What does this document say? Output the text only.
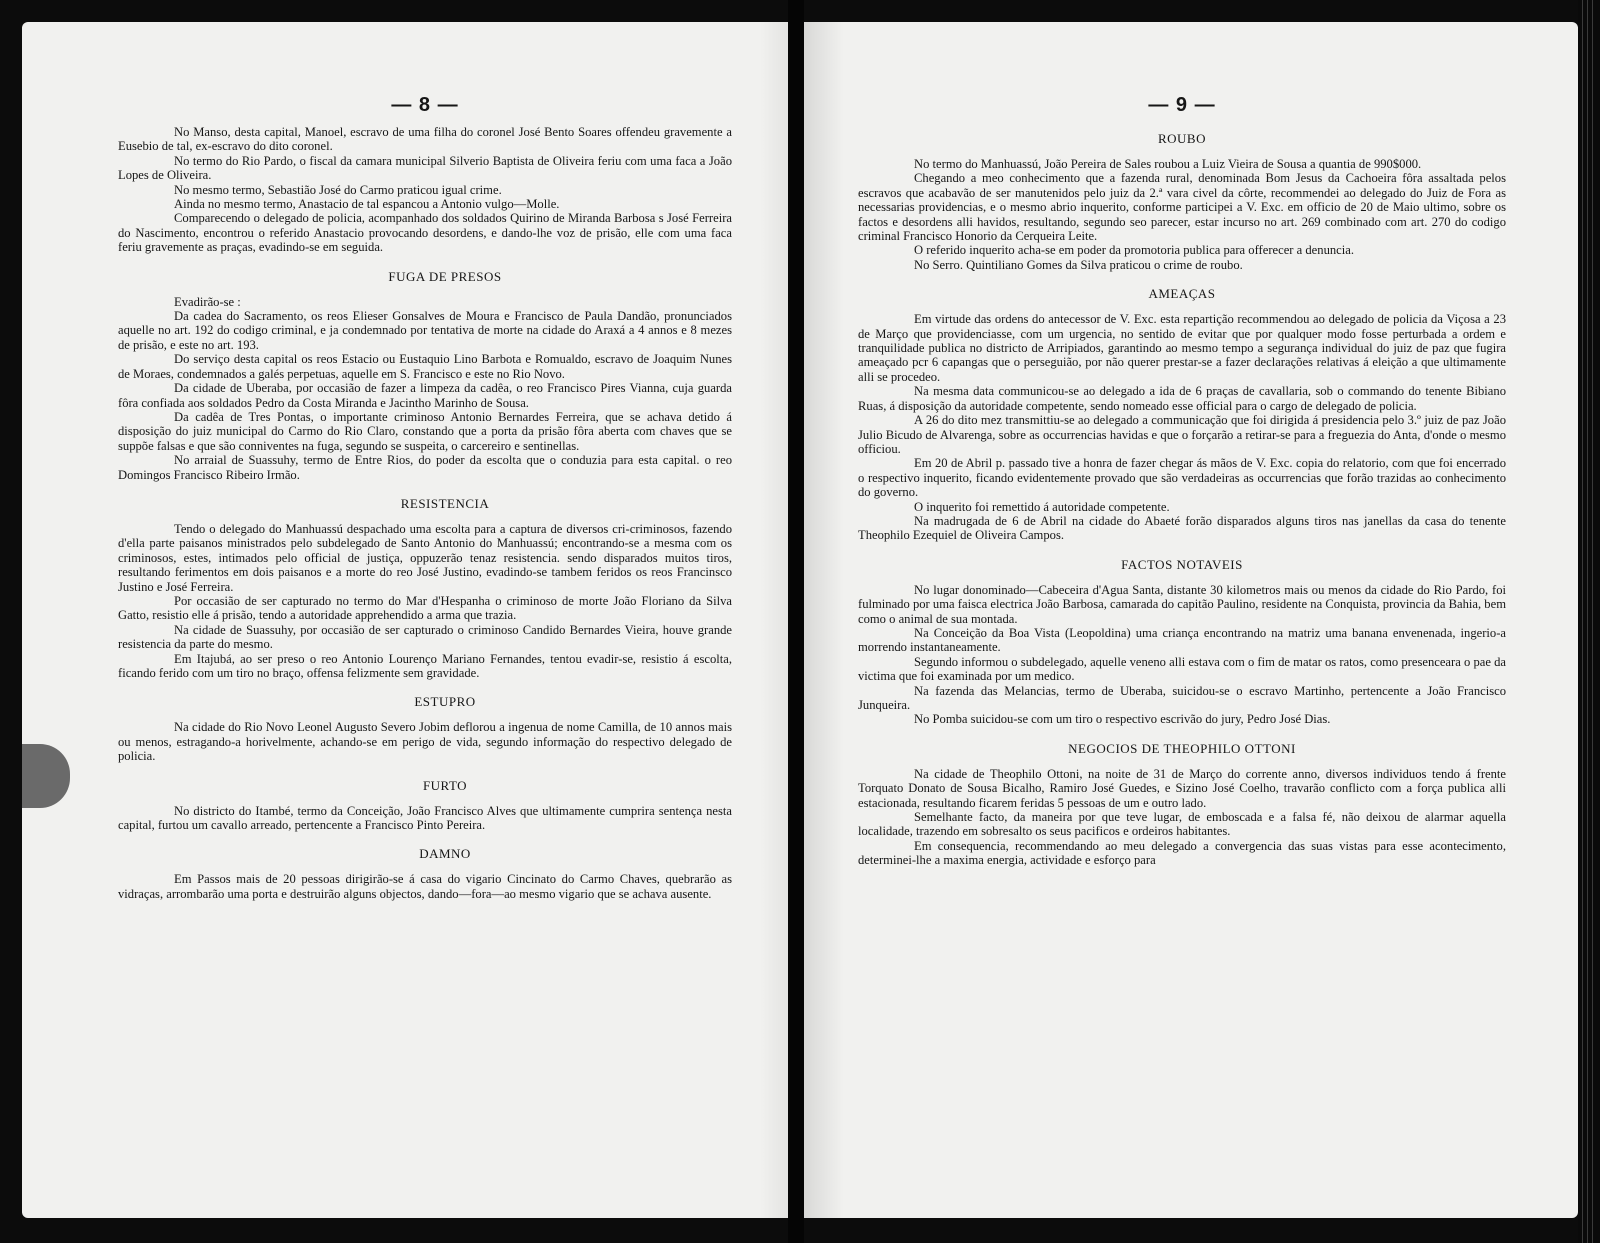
— 8 —

No Manso, desta capital, Manoel, escravo de uma filha do coronel José Bento Soares offendeu gravemente a Eusebio de tal, ex-escravo do dito coronel.

No termo do Rio Pardo, o fiscal da camara municipal Silverio Baptista de Oliveira feriu com uma faca a João Lopes de Oliveira.

No mesmo termo, Sebastião José do Carmo praticou igual crime.

Ainda no mesmo termo, Anastacio de tal espancou a Antonio vulgo—Molle.

Comparecendo o delegado de policia, acompanhado dos soldados Quirino de Miranda Barbosa s José Ferreira do Nascimento, encontrou o referido Anastacio provocando desordens, e dando-lhe voz de prisão, elle com uma faca feriu gravemente as praças, evadindo-se em seguida.

FUGA DE PRESOS

Evadirão-se :

Da cadea do Sacramento, os reos Elieser Gonsalves de Moura e Francisco de Paula Dandão, pronunciados aquelle no art. 192 do codigo criminal, e ja condemnado por tentativa de morte na cidade do Araxá a 4 annos e 8 mezes de prisão, e este no art. 193.

Do serviço desta capital os reos Estacio ou Eustaquio Lino Barbota e Romualdo, escravo de Joaquim Nunes de Moraes, condemnados a galés perpetuas, aquelle em S. Francisco e este no Rio Novo.

Da cidade de Uberaba, por occasião de fazer a limpeza da cadêa, o reo Francisco Pires Vianna, cuja guarda fôra confiada aos soldados Pedro da Costa Miranda e Jacintho Marinho de Sousa.

Da cadêa de Tres Pontas, o importante criminoso Antonio Bernardes Ferreira, que se achava detido á disposição do juiz municipal do Carmo do Rio Claro, constando que a porta da prisão fôra aberta com chaves que se suppõe falsas e que são conniventes na fuga, segundo se suspeita, o carcereiro e sentinellas.

No arraial de Suassuhy, termo de Entre Rios, do poder da escolta que o conduzia para esta capital. o reo Domingos Francisco Ribeiro Irmão.

RESISTENCIA

Tendo o delegado do Manhuassú despachado uma escolta para a captura de diversos cri-criminosos, fazendo d'ella parte paisanos ministrados pelo subdelegado de Santo Antonio do Manhuassú; encontrando-se a mesma com os criminosos, estes, intimados pelo official de justiça, oppuzerão tenaz resistencia. sendo disparados muitos tiros, resultando ferimentos em dois paisanos e a morte do reo José Justino, evadindo-se tambem feridos os reos Francinsco Justino e José Ferreira.

Por occasião de ser capturado no termo do Mar d'Hespanha o criminoso de morte João Floriano da Silva Gatto, resistio elle á prisão, tendo a autoridade apprehendido a arma que trazia.

Na cidade de Suassuhy, por occasião de ser capturado o criminoso Candido Bernardes Vieira, houve grande resistencia da parte do mesmo.

Em Itajubá, ao ser preso o reo Antonio Lourenço Mariano Fernandes, tentou evadir-se, resistio á escolta, ficando ferido com um tiro no braço, offensa felizmente sem gravidade.

ESTUPRO

Na cidade do Rio Novo Leonel Augusto Severo Jobim deflorou a ingenua de nome Camilla, de 10 annos mais ou menos, estragando-a horivelmente, achando-se em perigo de vida, segundo informação do respectivo delegado de policia.

FURTO

No districto do Itambé, termo da Conceição, João Francisco Alves que ultimamente cumprira sentença nesta capital, furtou um cavallo arreado, pertencente a Francisco Pinto Pereira.

DAMNO

Em Passos mais de 20 pessoas dirigirão-se á casa do vigario Cincinato do Carmo Chaves, quebrarão as vidraças, arrombarão uma porta e destruirão alguns objectos, dando—fora—ao mesmo vigario que se achava ausente.

— 9 —
ROUBO

No termo do Manhuassú, João Pereira de Sales roubou a Luiz Vieira de Sousa a quantia de 990$000.

Chegando a meo conhecimento que a fazenda rural, denominada Bom Jesus da Cachoeira fôra assaltada pelos escravos que acabavão de ser manutenidos pelo juiz da 2.ª vara civel da côrte, recommendei ao delegado do Juiz de Fora as necessarias providencias, e o mesmo abrio inquerito, conforme participei a V. Exc. em officio de 20 de Maio ultimo, sobre os factos e desordens alli havidos, resultando, segundo seo parecer, estar incurso no art. 269 combinado com art. 270 do codigo criminal Francisco Honorio da Cerqueira Leite.

O referido inquerito acha-se em poder da promotoria publica para offerecer a denuncia.

No Serro. Quintiliano Gomes da Silva praticou o crime de roubo.

AMEAÇAS

Em virtude das ordens do antecessor de V. Exc. esta repartição recommendou ao delegado de policia da Viçosa a 23 de Março que providenciasse, com um urgencia, no sentido de evitar que por qualquer modo fosse perturbada a ordem e tranquilidade publica no districto de Arripiados, garantindo ao mesmo tempo a segurança individual do juiz de paz que fugira ameaçado pcr 6 capangas que o perseguião, por não querer prestar-se a fazer declarações relativas á eleição a que ultimamente alli se procedeo.

Na mesma data communicou-se ao delegado a ida de 6 praças de cavallaria, sob o commando do tenente Bibiano Ruas, á disposição da autoridade competente, sendo nomeado esse official para o cargo de delegado de policia.

A 26 do dito mez transmittiu-se ao delegado a communicação que foi dirigida á presidencia pelo 3.º juiz de paz João Julio Bicudo de Alvarenga, sobre as occurrencias havidas e que o forçarão a retirar-se para a freguezia do Anta, d'onde o mesmo officiou.

Em 20 de Abril p. passado tive a honra de fazer chegar ás mãos de V. Exc. copia do relatorio, com que foi encerrado o respectivo inquerito, ficando evidentemente provado que são verdadeiras as occurrencias que forão trazidas ao conhecimento do governo.

O inquerito foi remettido á autoridade competente.

Na madrugada de 6 de Abril na cidade do Abaeté forão disparados alguns tiros nas janellas da casa do tenente Theophilo Ezequiel de Oliveira Campos.

FACTOS NOTAVEIS

No lugar donominado—Cabeceira d'Agua Santa, distante 30 kilometros mais ou menos da cidade do Rio Pardo, foi fulminado por uma faisca electrica João Barbosa, camarada do capitão Paulino, residente na Conquista, provincia da Bahia, bem como o animal de sua montada.

Na Conceição da Boa Vista (Leopoldina) uma criança encontrando na matriz uma banana envenenada, ingerio-a morrendo instantaneamente.

Segundo informou o subdelegado, aquelle veneno alli estava com o fim de matar os ratos, como presenceara o pae da victima que foi examinada por um medico.

Na fazenda das Melancias, termo de Uberaba, suicidou-se o escravo Martinho, pertencente a João Francisco Junqueira.

No Pomba suicidou-se com um tiro o respectivo escrivão do jury, Pedro José Dias.

NEGOCIOS DE THEOPHILO OTTONI

Na cidade de Theophilo Ottoni, na noite de 31 de Março do corrente anno, diversos individuos tendo á frente Torquato Donato de Sousa Bicalho, Ramiro José Guedes, e Sizino José Coelho, travarão conflicto com a força publica alli estacionada, resultando ficarem feridas 5 pessoas de um e outro lado.

Semelhante facto, da maneira por que teve lugar, de emboscada e a falsa fé, não deixou de alarmar aquella localidade, trazendo em sobresalto os seus pacificos e ordeiros habitantes.

Em consequencia, recommendando ao meu delegado a convergencia das suas vistas para esse acontecimento, determinei-lhe a maxima energia, actividade e esforço para
